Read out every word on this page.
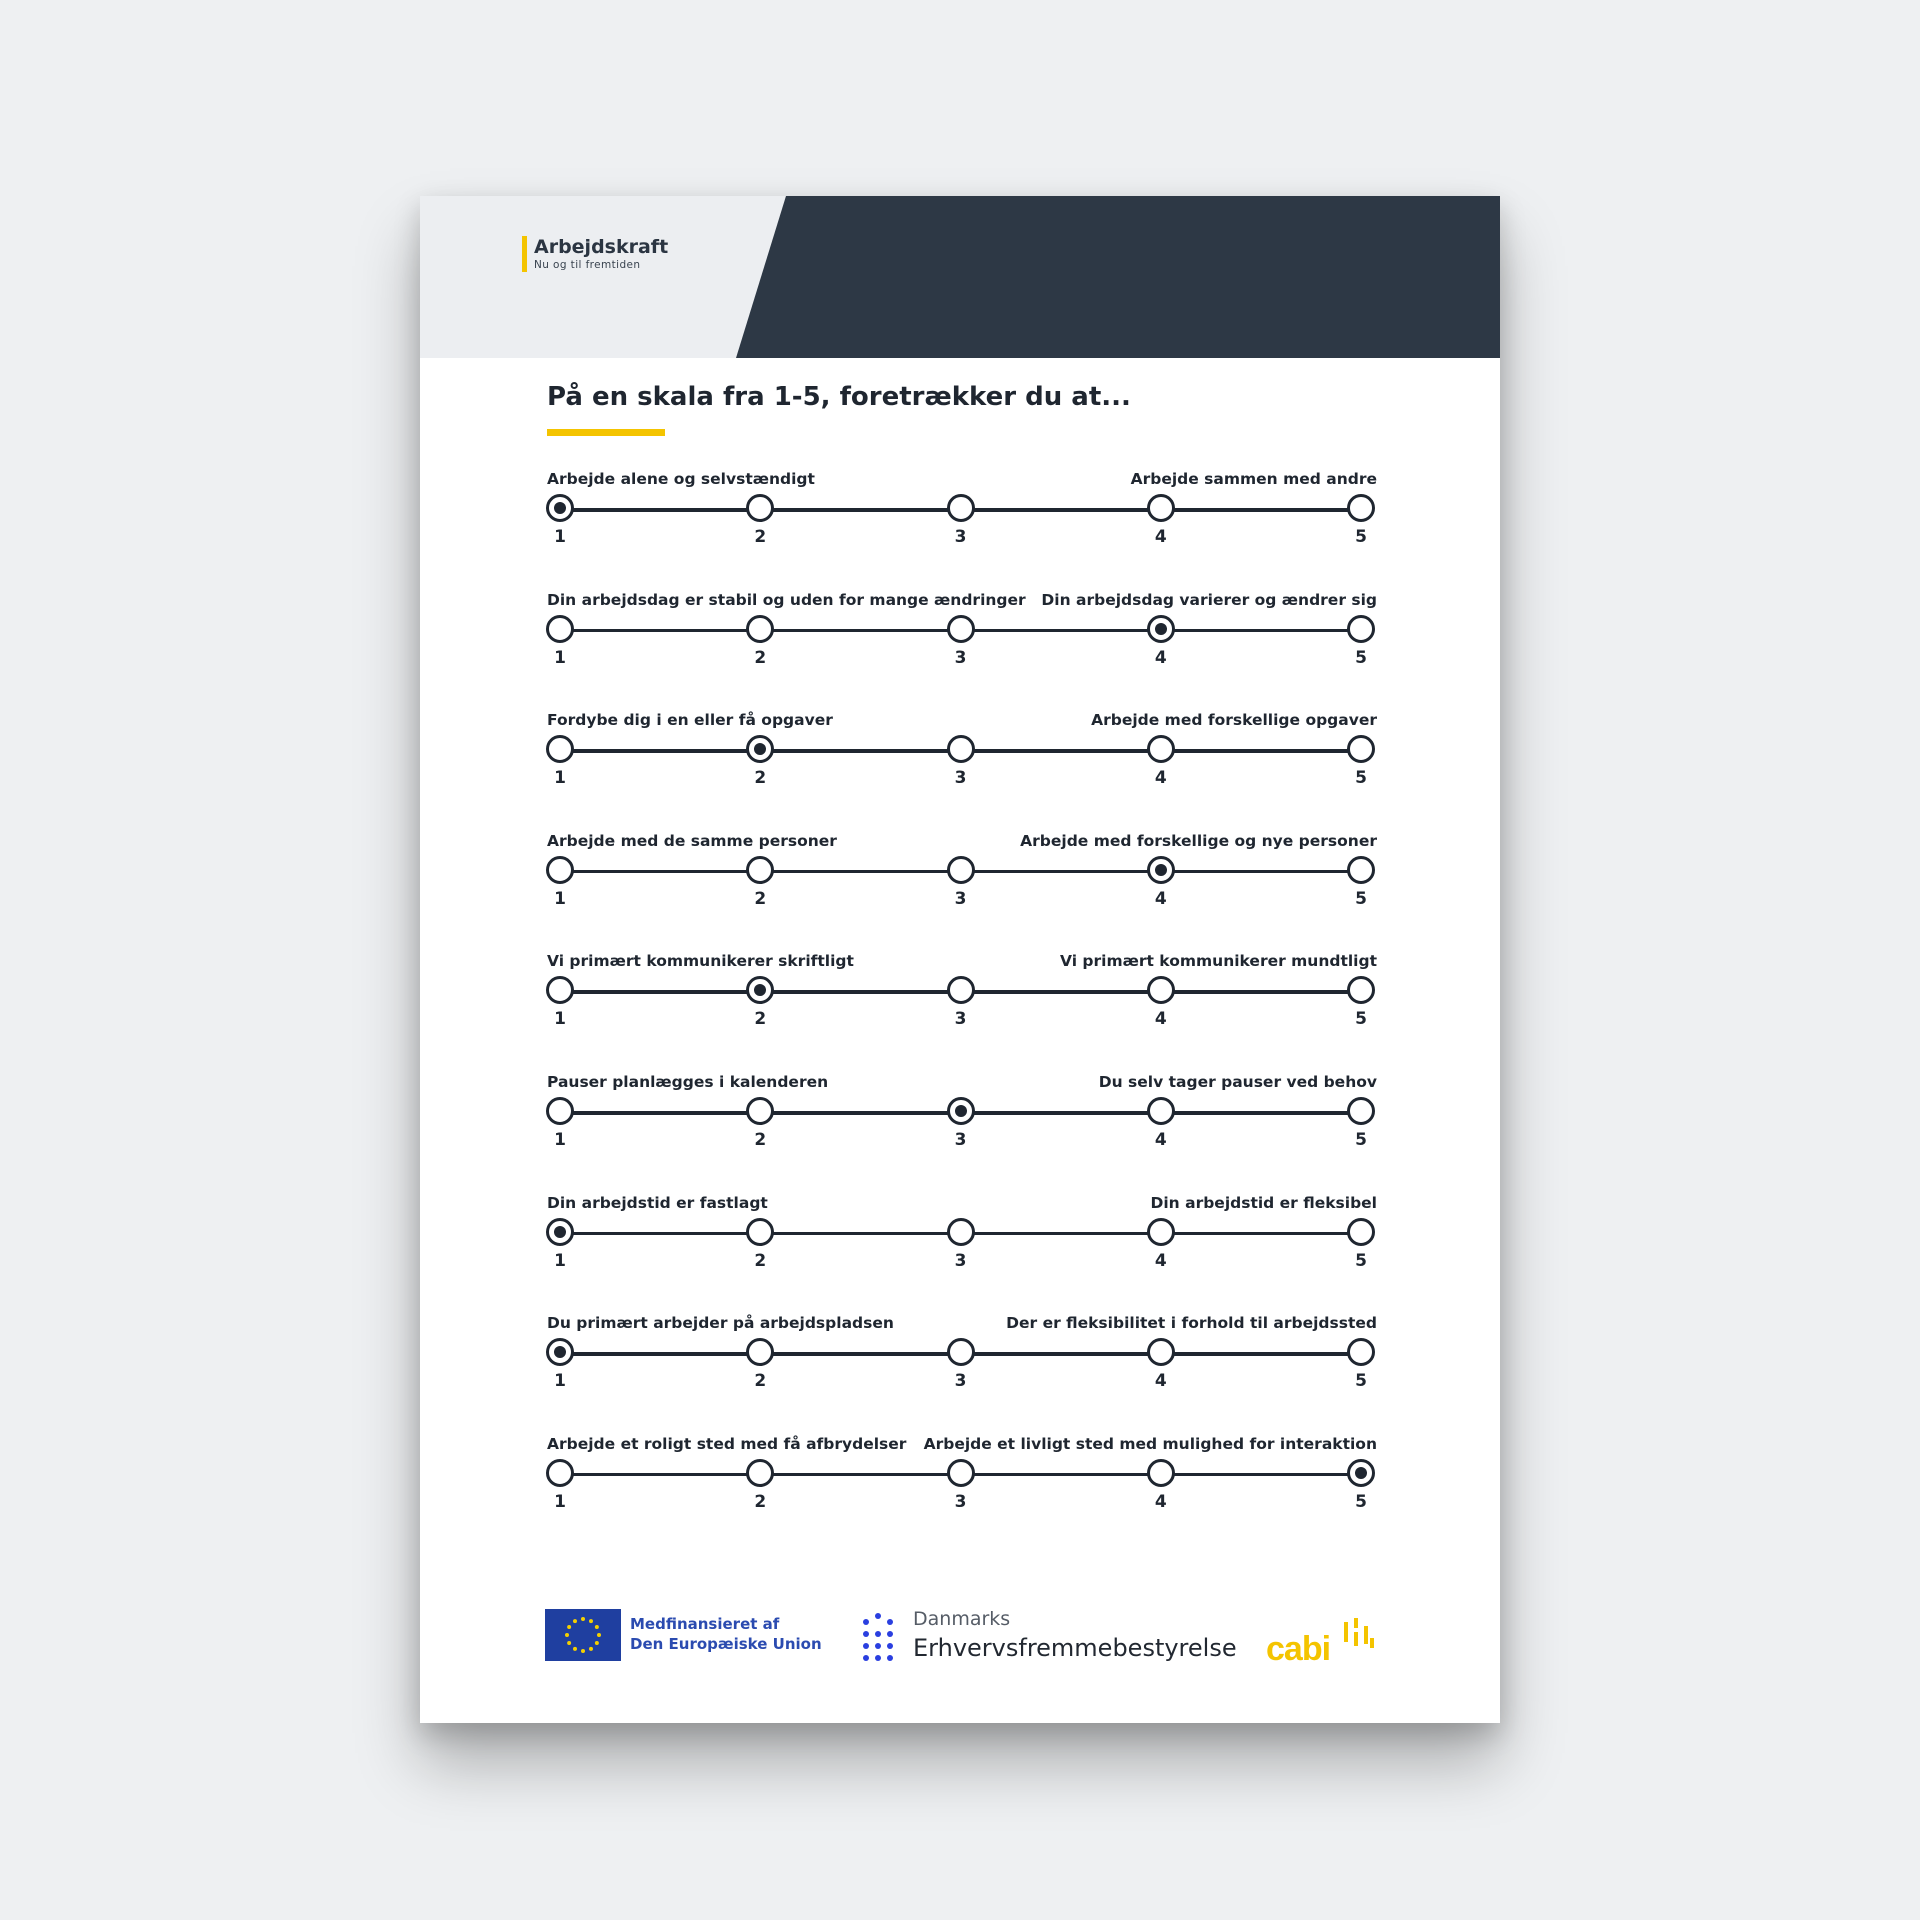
Arbejdskraft
Nu og til fremtiden
På en skala fra 1-5, foretrækker du at...
Arbejde alene og selvstændigt	Arbejde sammen med andre
1	2	3	4	5
Din arbejdsdag er stabil og uden for mange ændringer Din arbejdsdag varierer og ændrer sig
1	2	3	4	5
Fordybe dig i en eller få opgaver	Arbejde med forskellige opgaver
1	2	3	4	5
Arbejde med de samme personer	Arbejde med forskellige og nye personer
1	2	3	4	5
Vi primært kommunikerer skriftligt	Vi primært kommunikerer mundtligt
1	2	3	4	5
Pauser planlægges i kalenderen	Du selv tager pauser ved behov
1	2	3	4	5
Din arbejdstid er fastlagt	Din arbejdstid er fleksibel
1	2	3	4	5
Du primært arbejder på arbejdspladsen	Der er fleksibilitet i forhold til arbejdssted
1	2	3	4	5
Arbejde et roligt sted med få afbrydelser Arbejde et livligt sted med mulighed for interaktion
1	2	3	4	5
Medfinansieret af
Den Europæiske Union
Danmarks
Erhvervsfremmebestyrelse cabi
